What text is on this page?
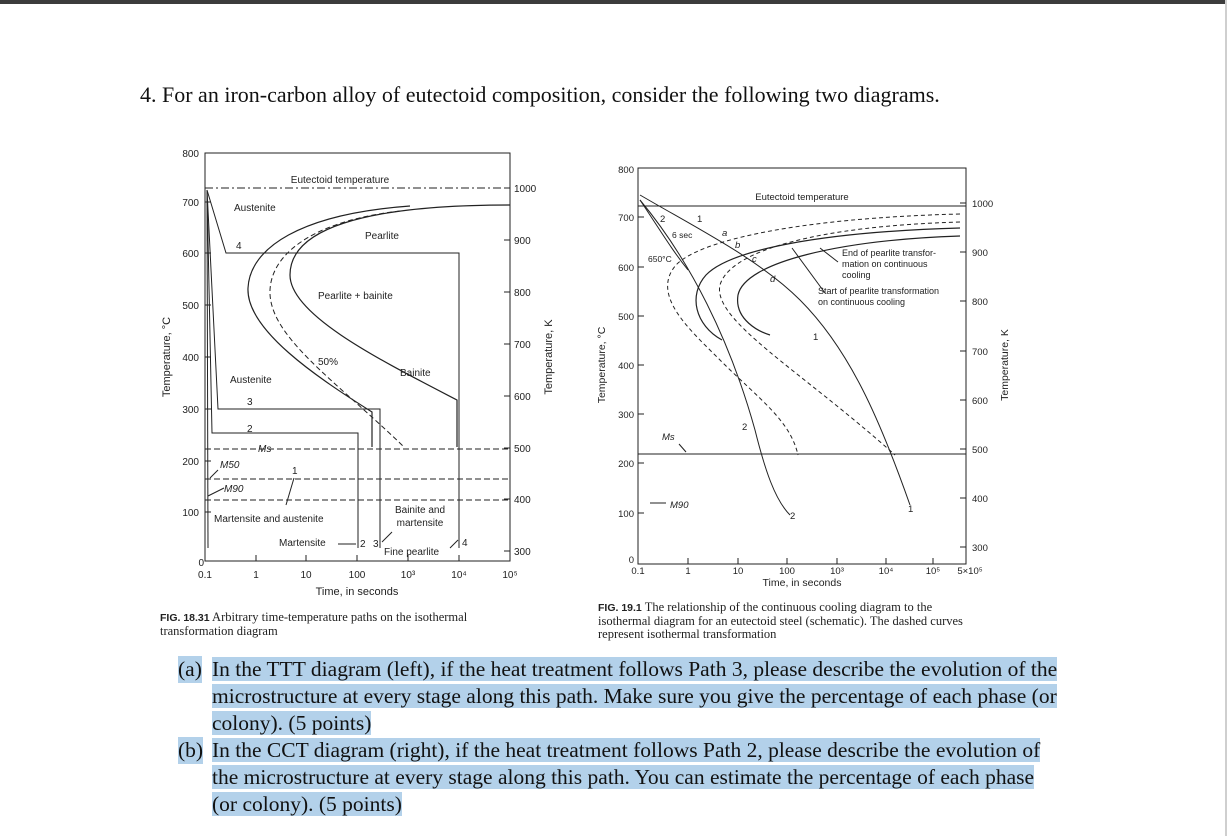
4. For an iron-carbon alloy of eutectoid composition, consider the following two diagrams.
800
700
600
500
400
300
200
100
0
1000
900
800
700
600
500
400
300
0.1	1	10	100	10³	10⁴	10⁵
Time, in seconds
Temperature, °C	Temperature, K
Eutectoid temperature
Austenite
Pearlite
4
Pearlite + bainite
50%
Bainite
Austenite
3
2
Ms
M50
1
M90
Martensite and austenite
Bainite and
martensite
Martensite	2 3
Fine pearlite
4
FIG. 18.31 Arbitrary time-temperature paths on the isothermal
transformation diagram
800
700
600
500
400
300
200
100
0
1000
900
800
700
600
500
400
300
0.1	1	10	100	10³	10⁴	10⁵ 5×10⁵
Time, in seconds
Temperature, °C	Temperature, K
Eutectoid temperature
6 sec
650°C
End of pearlite transfor-
mation on continuous
cooling
Start of pearlite transformation
on continuous cooling
Ms
M90
a
b
c
d
2	1
1
2
2
1
FIG. 19.1 The relationship of the continuous cooling diagram to the
isothermal diagram for an eutectoid steel (schematic). The dashed curves
represent isothermal transformation
(a) In the TTT diagram (left), if the heat treatment follows Path 3, please describe the evolution of the microstructure at every stage along this path. Make sure you give the percentage of each phase (or colony). (5 points)
(b) In the CCT diagram (right), if the heat treatment follows Path 2, please describe the evolution of the microstructure at every stage along this path. You can estimate the percentage of each phase (or colony). (5 points)
